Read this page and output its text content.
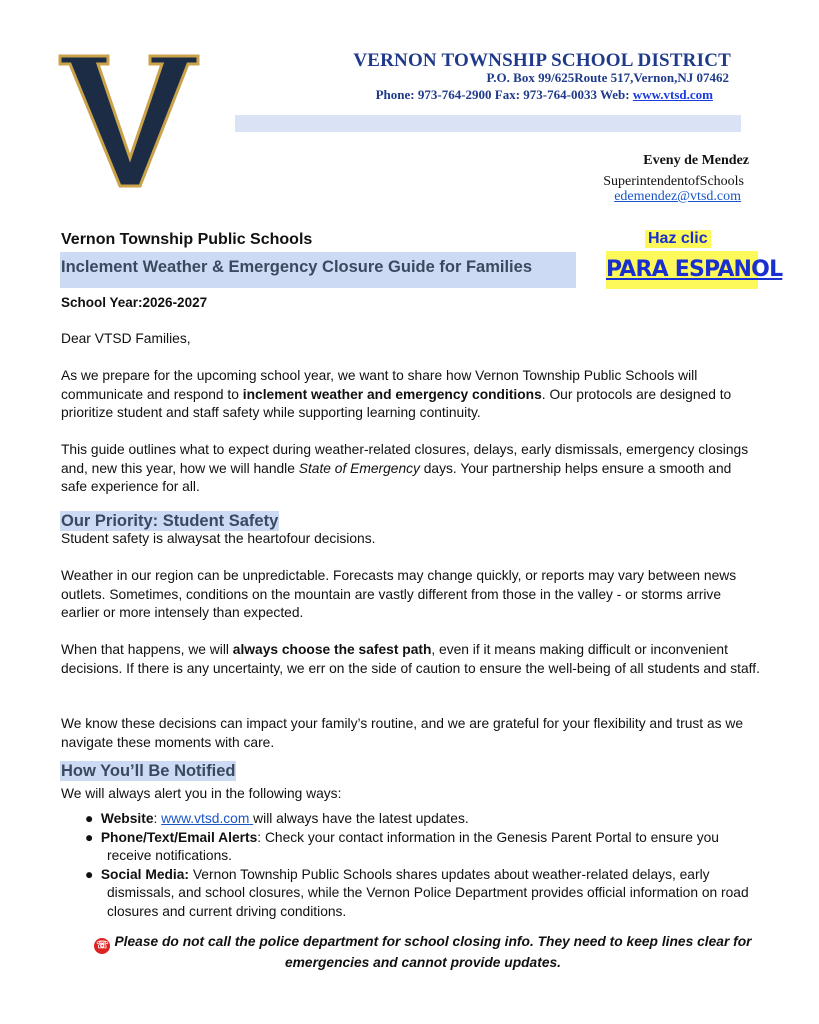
VERNON TOWNSHIP SCHOOL DISTRICT
P.O. Box 99/625Route 517,Vernon,NJ 07462
Phone: 973-764-2900 Fax: 973-764-0033 Web: www.vtsd.com
Eveny de Mendez
SuperintendentofSchools
edemendez@vtsd.com
Vernon Township Public Schools
Inclement Weather & Emergency Closure Guide for Families
Haz clic
PARA ESPANOL
School Year:2026-2027
Dear VTSD Families,
As we prepare for the upcoming school year, we want to share how Vernon Township Public Schools will communicate and respond to inclement weather and emergency conditions. Our protocols are designed to prioritize student and staff safety while supporting learning continuity.
This guide outlines what to expect during weather-related closures, delays, early dismissals, emergency closings and, new this year, how we will handle State of Emergency days. Your partnership helps ensure a smooth and safe experience for all.
Our Priority: Student Safety
Student safety is alwaysat the heartofour decisions.
Weather in our region can be unpredictable. Forecasts may change quickly, or reports may vary between news outlets. Sometimes, conditions on the mountain are vastly different from those in the valley - or storms arrive earlier or more intensely than expected.
When that happens, we will always choose the safest path, even if it means making difficult or inconvenient decisions. If there is any uncertainty, we err on the side of caution to ensure the well-being of all students and staff.
We know these decisions can impact your family’s routine, and we are grateful for your flexibility and trust as we navigate these moments with care.
How You’ll Be Notified
We will always alert you in the following ways:
● Website: www.vtsd.com will always have the latest updates.
● Phone/Text/Email Alerts: Check your contact information in the Genesis Parent Portal to ensure you receive notifications.
● Social Media: Vernon Township Public Schools shares updates about weather-related delays, early dismissals, and school closures, while the Vernon Police Department provides official information on road closures and current driving conditions.
☏ Please do not call the police department for school closing info. They need to keep lines clear for emergencies and cannot provide updates.
